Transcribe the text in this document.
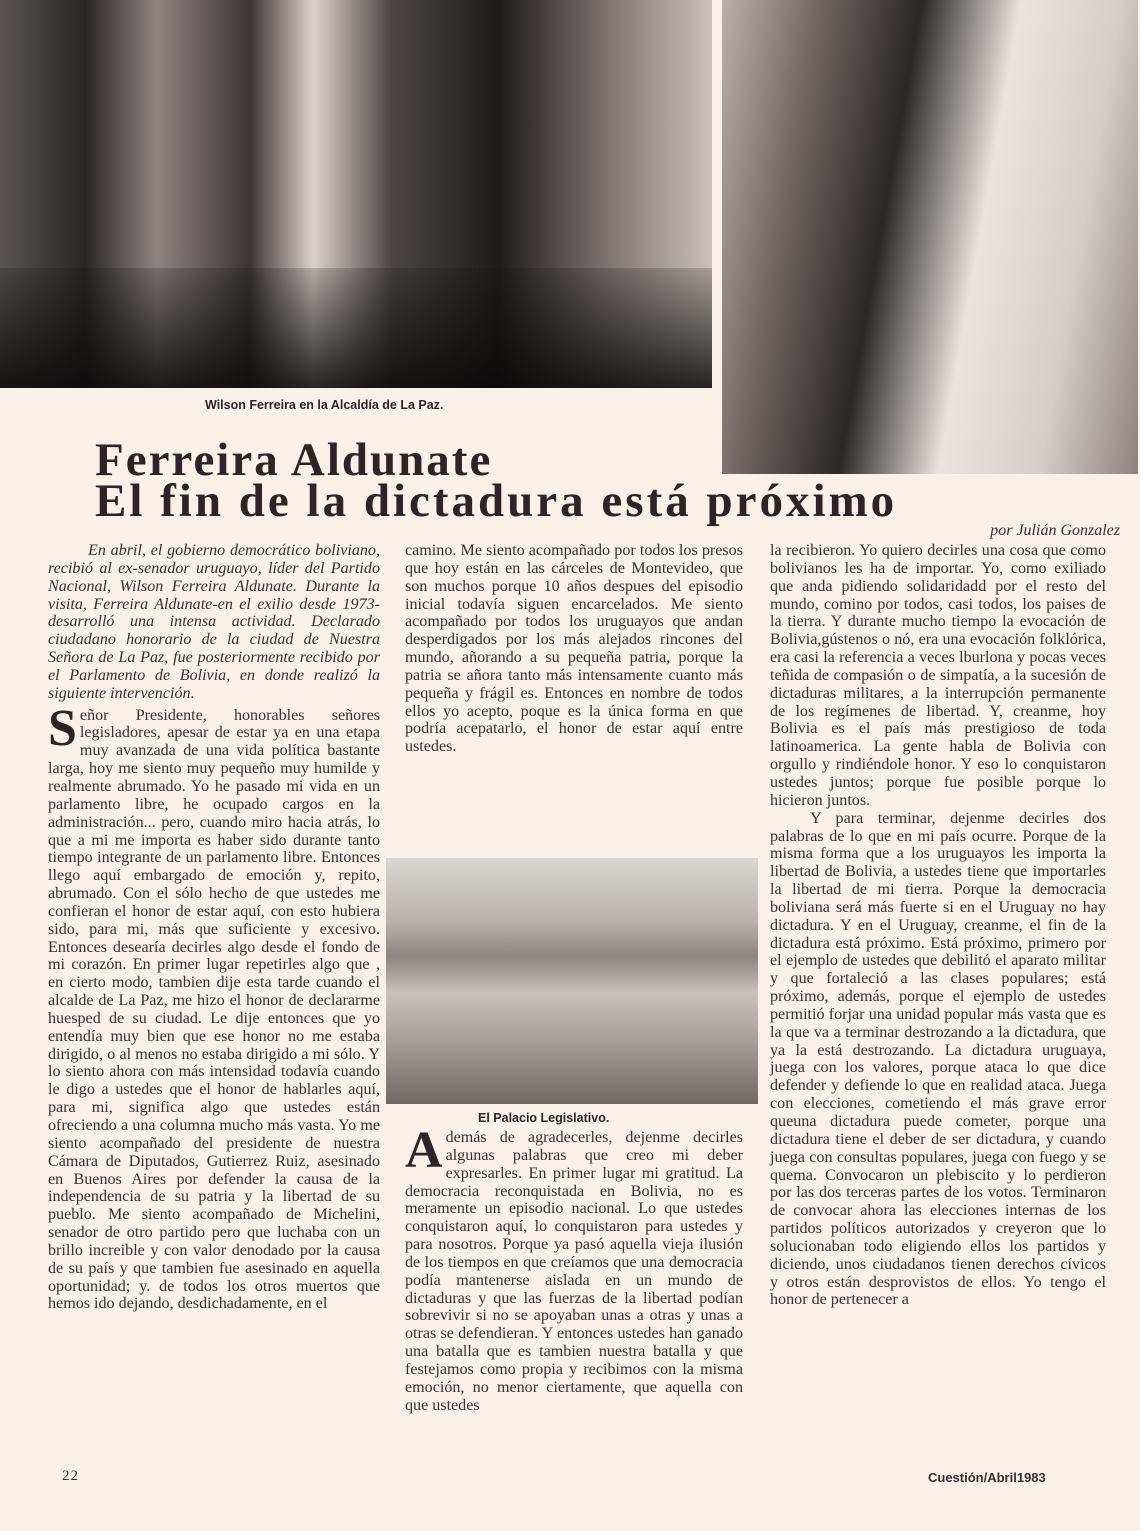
Wilson Ferreira en la Alcaldía de La Paz.
Ferreira Aldunate
El fin de la dictadura está próximo
por Julián Gonzalez

En abril, el gobierno democrático boliviano, recibió al ex-senador uruguayo, líder del Partido Nacional, Wilson Ferreira Aldunate. Durante la visita, Ferreira Aldunate-en el exilio desde 1973- desarrolló una intensa actividad. Declarado ciudadano honorario de la ciudad de Nuestra Señora de La Paz, fue posteriormente recibido por el Parlamento de Bolivia, en donde realizó la siguiente intervención.

Señor Presidente, honorables señores legisladores, apesar de estar ya en una etapa muy avanzada de una vida política bastante larga, hoy me siento muy pequeño muy humilde y realmente abrumado. Yo he pasado mi vida en un parlamento libre, he ocupado cargos en la administración... pero, cuando miro hacia atrás, lo que a mi me importa es haber sido durante tanto tiempo integrante de un parlamento libre. Entonces llego aquí embargado de emoción y, repito, abrumado. Con el sólo hecho de que ustedes me confieran el honor de estar aquí, con esto hubiera sido, para mi, más que suficiente y excesivo. Entonces desearía decirles algo desde el fondo de mi corazón. En primer lugar repetirles algo que , en cierto modo, tambien dije esta tarde cuando el alcalde de La Paz, me hizo el honor de declararme huesped de su ciudad. Le dije entonces que yo entendía muy bien que ese honor no me estaba dirigido, o al menos no estaba dirigido a mi sólo. Y lo siento ahora con más intensidad todavía cuando le digo a ustedes que el honor de hablarles aquí, para mi, significa algo que ustedes están ofreciendo a una columna mucho más vasta. Yo me siento acompañado del presidente de nuestra Cámara de Diputados, Gutierrez Ruiz, asesinado en Buenos Aires por defender la causa de la independencia de su patria y la libertad de su pueblo. Me siento acompañado de Michelini, senador de otro partido pero que luchaba con un brillo increible y con valor denodado por la causa de su país y que tambien fue asesinado en aquella oportunidad; y. de todos los otros muertos que hemos ido dejando, desdichadamente, en el

camino. Me siento acompañado por todos los presos que hoy están en las cárceles de Montevideo, que son muchos porque 10 años despues del episodio inicial todavía siguen encarcelados. Me siento acompañado por todos los uruguayos que andan desperdigados por los más alejados rincones del mundo, añorando a su pequeña patria, porque la patria se añora tanto más intensamente cuanto más pequeña y frágil es. Entonces en nombre de todos ellos yo acepto, poque es la única forma en que podría acepatarlo, el honor de estar aquí entre ustedes.

El Palacio Legislativo.

Además de agradecerles, dejenme decirles algunas palabras que creo mi deber expresarles. En primer lugar mi gratitud. La democracia reconquistada en Bolivia, no es meramente un episodio nacional. Lo que ustedes conquistaron aquí, lo conquistaron para ustedes y para nosotros. Porque ya pasó aquella vieja ilusión de los tiempos en que creíamos que una democracia podía mantenerse aislada en un mundo de dictaduras y que las fuerzas de la libertad podían sobrevivir si no se apoyaban unas a otras y unas a otras se defendieran. Y entonces ustedes han ganado una batalla que es tambien nuestra batalla y que festejamos como propia y recibimos con la misma emoción, no menor ciertamente, que aquella con que ustedes

la recibieron. Yo quiero decirles una cosa que como bolivianos les ha de importar. Yo, como exiliado que anda pidiendo solidaridadd por el resto del mundo, comino por todos, casi todos, los paises de la tierra. Y durante mucho tiempo la evocación de Bolivia,gústenos o nó, era una evocación folklórica, era casi la referencia a veces lburlona y pocas veces teñida de compasión o de simpatía, a la sucesión de dictaduras militares, a la interrupción permanente de los regímenes de libertad. Y, creanme, hoy Bolivia es el país más prestigioso de toda latinoamerica. La gente habla de Bolivia con orgullo y rindiéndole honor. Y eso lo conquistaron ustedes juntos; porque fue posible porque lo hicieron juntos.

Y para terminar, dejenme decirles dos palabras de lo que en mi país ocurre. Porque de la misma forma que a los uruguayos les importa la libertad de Bolivia, a ustedes tiene que importarles la libertad de mi tierra. Porque la democracia boliviana será más fuerte si en el Uruguay no hay dictadura. Y en el Uruguay, creanme, el fin de la dictadura está próximo. Está próximo, primero por el ejemplo de ustedes que debilitó el aparato militar y que fortaleció a las clases populares; está próximo, además, porque el ejemplo de ustedes permitió forjar una unidad popular más vasta que es la que va a terminar destrozando a la dictadura, que ya la está destrozando. La dictadura uruguaya, juega con los valores, porque ataca lo que dice defender y defiende lo que en realidad ataca. Juega con elecciones, cometiendo el más grave error queuna dictadura puede cometer, porque una dictadura tiene el deber de ser dictadura, y cuando juega con consultas populares, juega con fuego y se quema. Convocaron un plebiscito y lo perdieron por las dos terceras partes de los votos. Terminaron de convocar ahora las elecciones internas de los partidos políticos autorizados y creyeron que lo solucionaban todo eligiendo ellos los partidos y diciendo, unos ciudadanos tienen derechos cívicos y otros están desprovistos de ellos. Yo tengo el honor de pertenecer a

22	Cuestión/Abril1983
